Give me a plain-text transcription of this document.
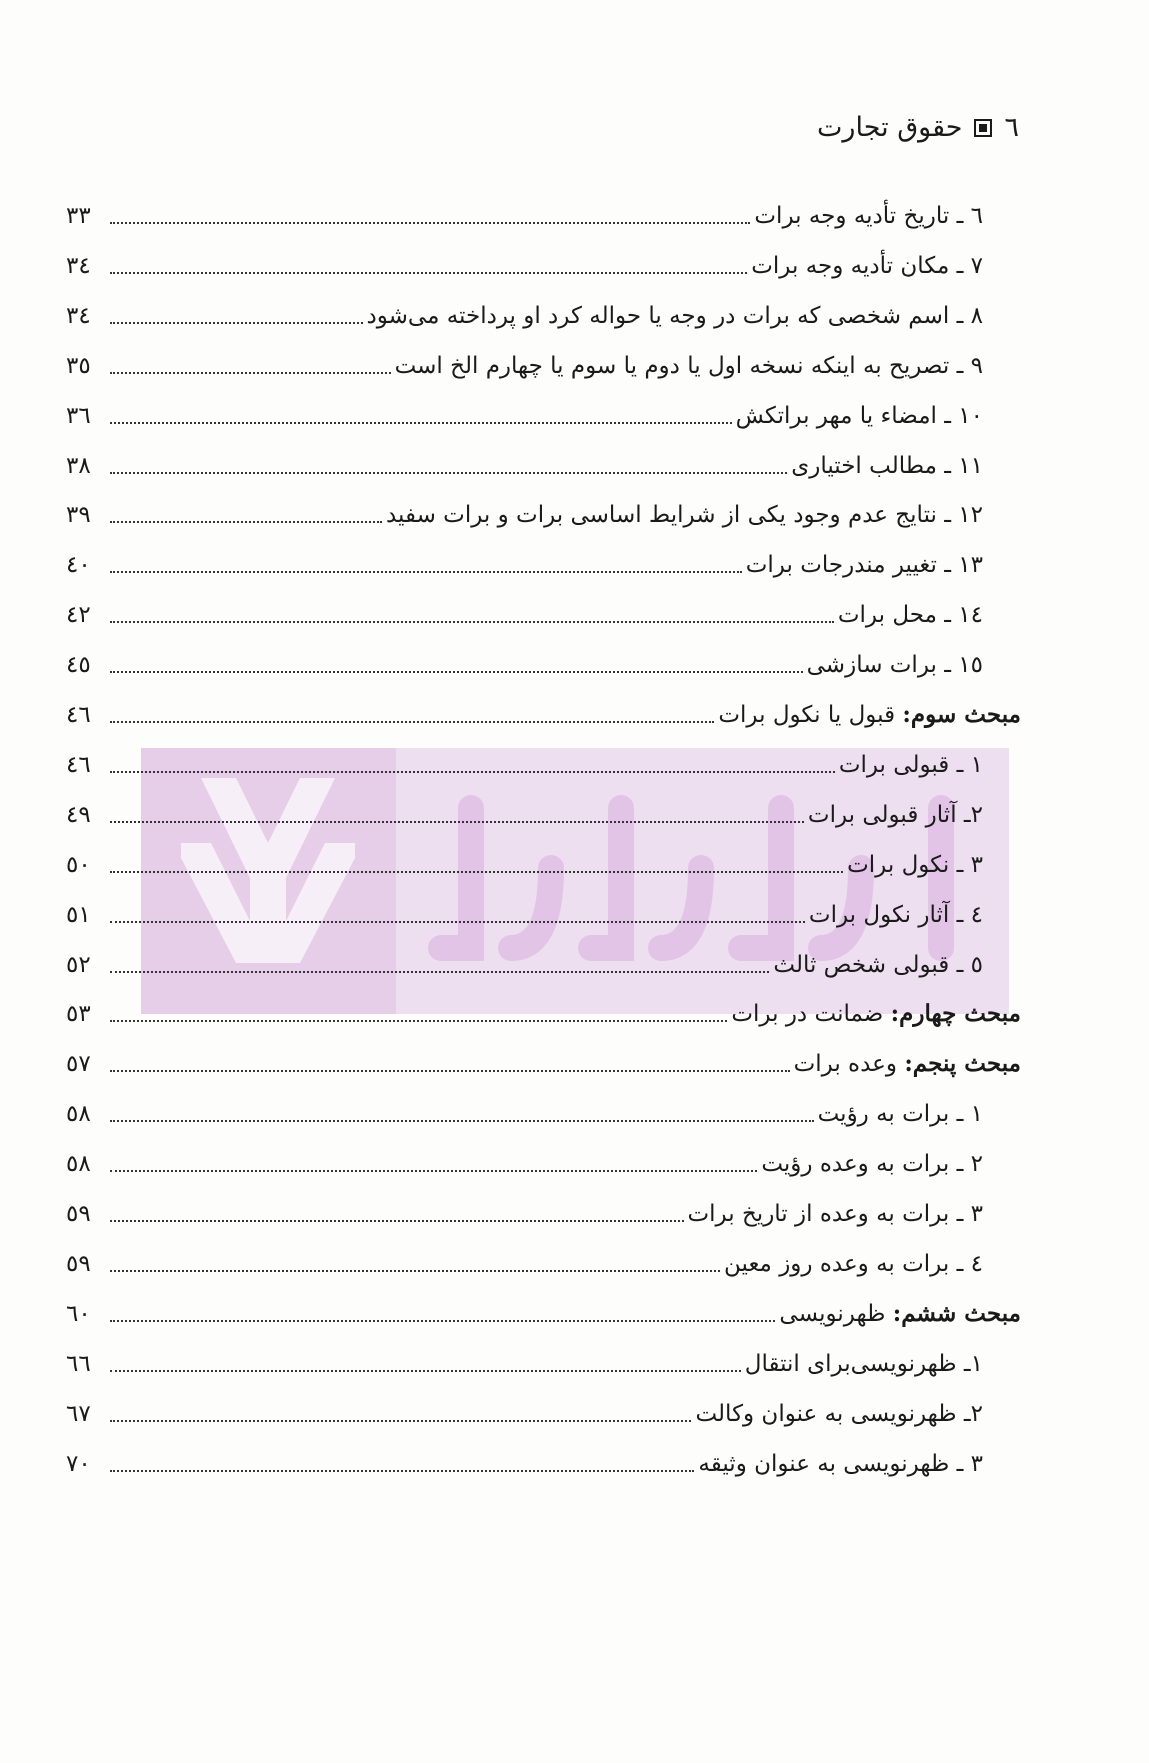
٦
حقوق تجارت
٦ ـ تاریخ تأدیه وجه برات
٣٣
٧ ـ مکان تأدیه وجه برات
٣٤
٨ ـ اسم شخصی که برات در وجه یا حواله کرد او پرداخته می‌شود
٣٤
٩ ـ تصریح به اینکه نسخه اول یا دوم یا سوم یا چهارم الخ است
٣٥
١٠ ـ امضاء یا مهر براتکش
٣٦
١١ ـ مطالب اختیاری
٣٨
١٢ ـ نتایج عدم وجود یکی از شرایط اساسی برات و برات سفید
٣٩
١٣ ـ تغییر مندرجات برات
٤٠
١٤ ـ محل برات
٤٢
١٥ ـ برات سازشی
٤٥
مبحث سوم: قبول یا نکول برات
٤٦
١ ـ قبولی برات
٤٦
٢ـ آثار قبولی برات
٤٩
٣ ـ نکول برات
٥٠
٤ ـ آثار نکول برات
٥١
٥ ـ قبولی شخص ثالث
٥٢
مبحث چهارم: ضمانت در برات
٥٣
مبحث پنجم: وعده برات
٥٧
١ ـ برات به رؤیت
٥٨
٢ ـ برات به وعده رؤیت
٥٨
٣ ـ برات به وعده از تاریخ برات
٥٩
٤ ـ برات به وعده روز معین
٥٩
مبحث ششم: ظهرنویسی
٦٠
١ـ ظهرنویسی‌برای انتقال
٦٦
٢ـ ظهرنویسی به عنوان وکالت
٦٧
٣ ـ ظهرنویسی به عنوان وثیقه
٧٠
